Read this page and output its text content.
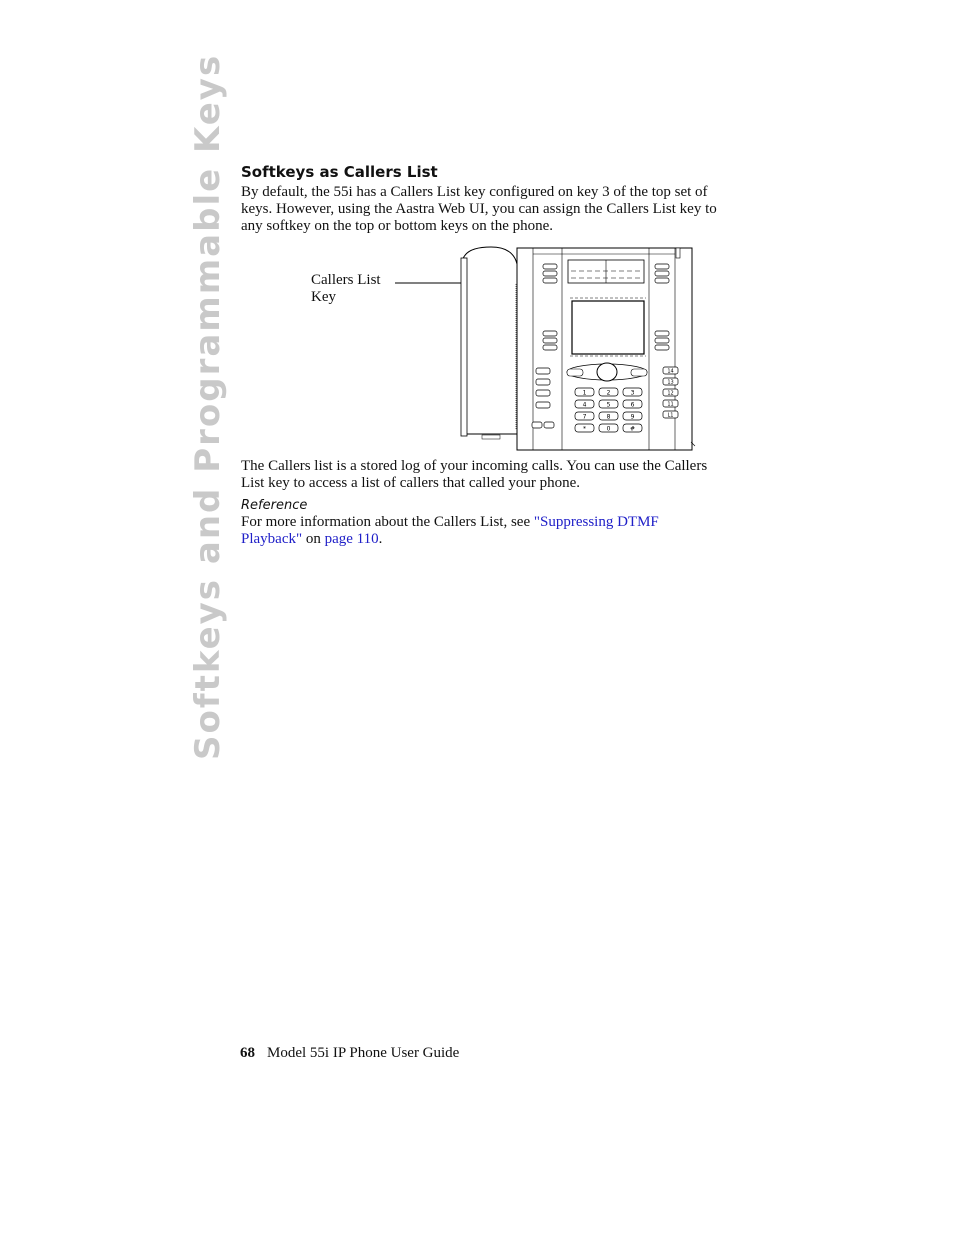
Softkeys and Programmable Keys Softkeys as Callers List

By default, the 55i has a Callers List key configured on key 3 of the top set of keys. However, using the Aastra Web UI, you can assign the Callers List key to any softkey on the top or bottom keys on the phone.

Callers List
Key
1	2	3
4	5	6
7	8	9
*	0	#
14
13
12
11
L1

The Callers list is a stored log of your incoming calls. You can use the Callers List key to access a list of callers that called your phone.

Reference

For more information about the Callers List, see "Suppressing DTMF Playback" on page 110.

68 Model 55i IP Phone User Guide
